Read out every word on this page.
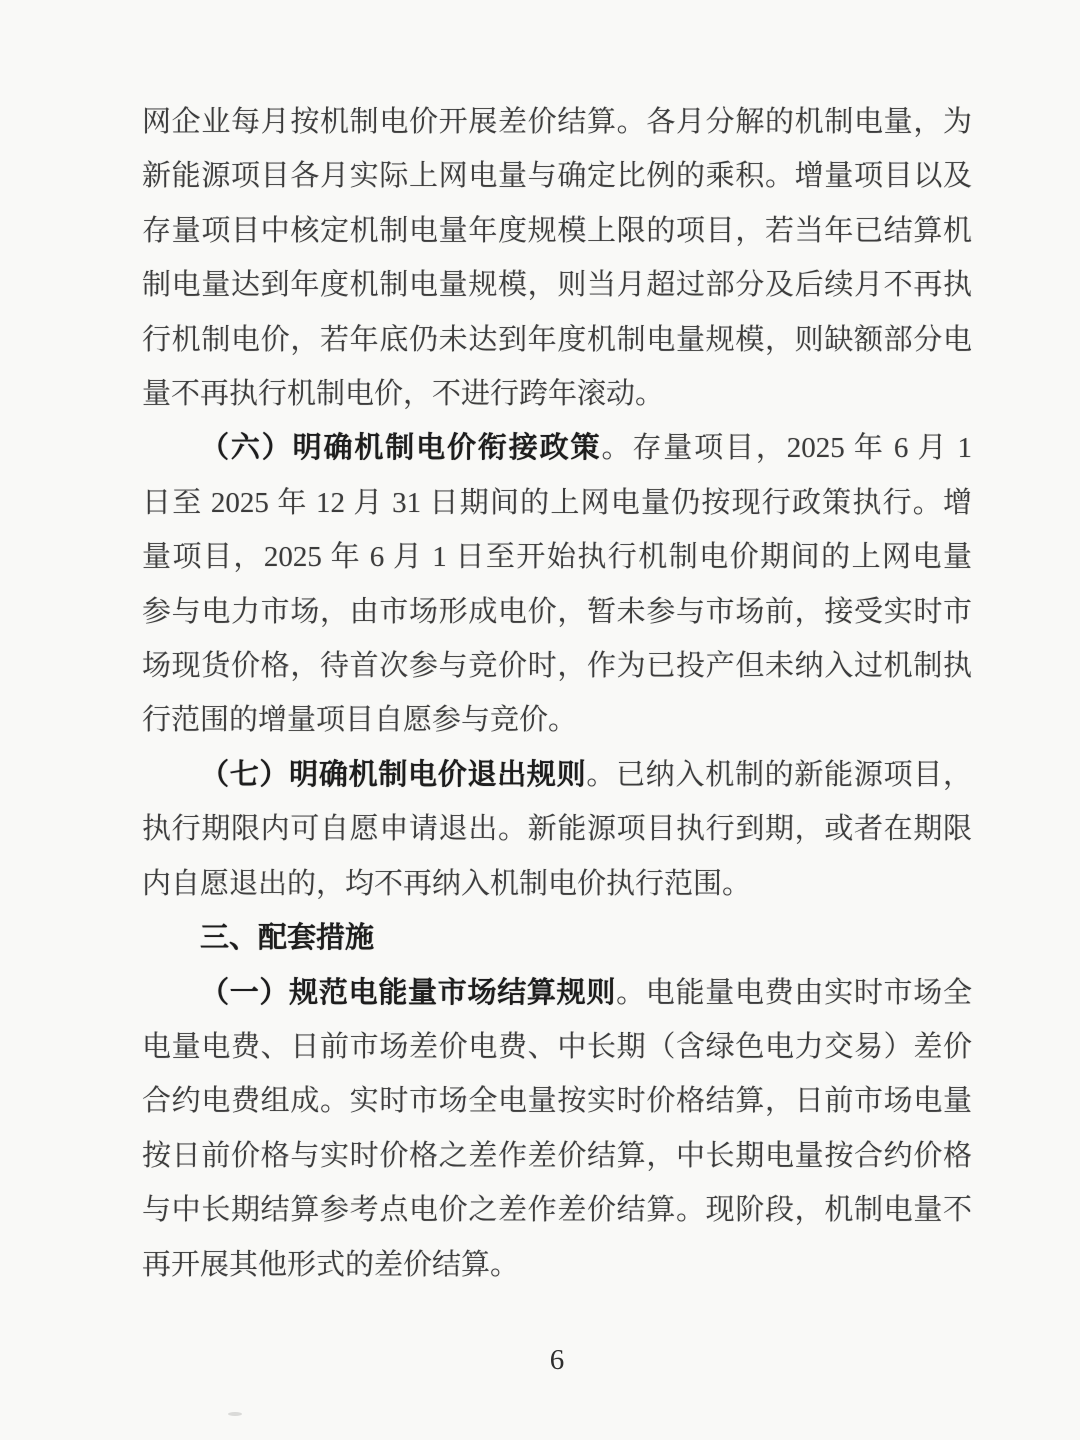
网企业每月按机制电价开展差价结算。各月分解的机制电量，为
新能源项目各月实际上网电量与确定比例的乘积。增量项目以及
存量项目中核定机制电量年度规模上限的项目，若当年已结算机
制电量达到年度机制电量规模，则当月超过部分及后续月不再执
行机制电价，若年底仍未达到年度机制电量规模，则缺额部分电
量不再执行机制电价，不进行跨年滚动。
（六）明确机制电价衔接政策。存量项目，2025 年 6 月 1
日至 2025 年 12 月 31 日期间的上网电量仍按现行政策执行。增
量项目，2025 年 6 月 1 日至开始执行机制电价期间的上网电量
参与电力市场，由市场形成电价，暂未参与市场前，接受实时市
场现货价格，待首次参与竞价时，作为已投产但未纳入过机制执
行范围的增量项目自愿参与竞价。
（七）明确机制电价退出规则。已纳入机制的新能源项目，
执行期限内可自愿申请退出。新能源项目执行到期，或者在期限
内自愿退出的，均不再纳入机制电价执行范围。
三、配套措施
（一）规范电能量市场结算规则。电能量电费由实时市场全
电量电费、日前市场差价电费、中长期（含绿色电力交易）差价
合约电费组成。实时市场全电量按实时价格结算，日前市场电量
按日前价格与实时价格之差作差价结算，中长期电量按合约价格
与中长期结算参考点电价之差作差价结算。现阶段，机制电量不
再开展其他形式的差价结算。
6
